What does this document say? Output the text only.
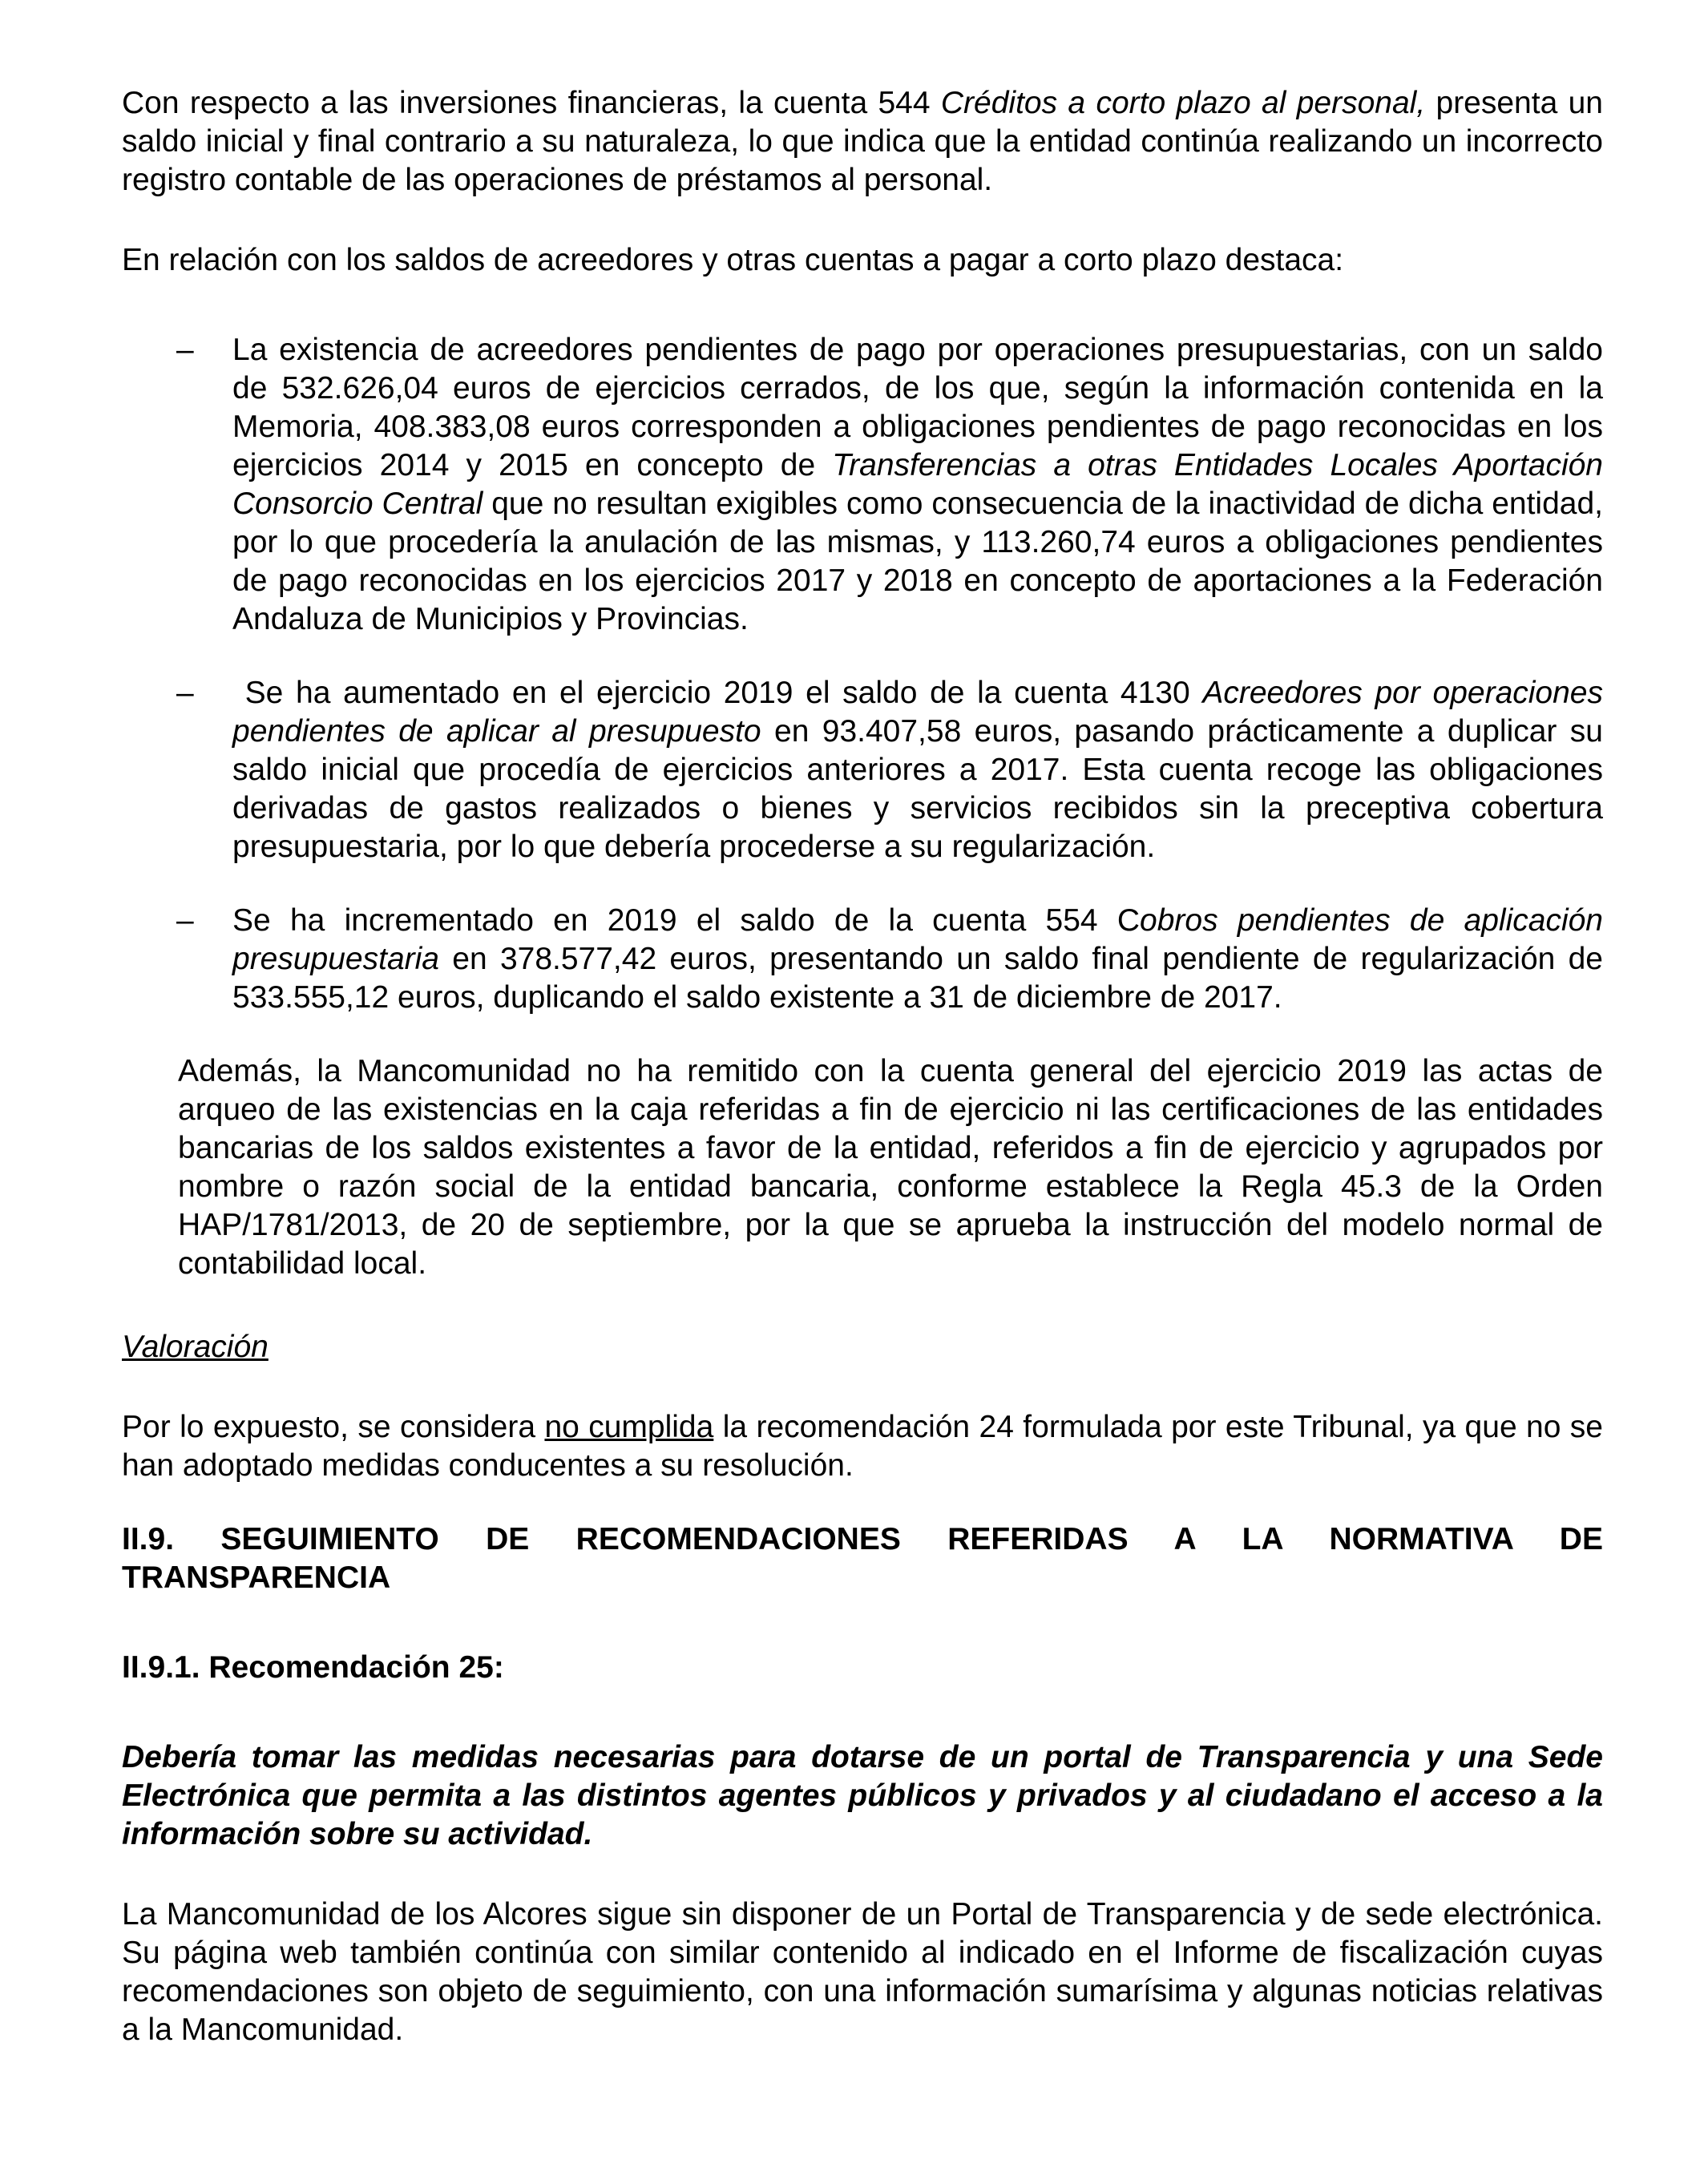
Con respecto a las inversiones financieras, la cuenta 544 Créditos a corto plazo al personal, presenta un saldo inicial y final contrario a su naturaleza, lo que indica que la entidad continúa realizando un incorrecto registro contable de las operaciones de préstamos al personal.

En relación con los saldos de acreedores y otras cuentas a pagar a corto plazo destaca:

– La existencia de acreedores pendientes de pago por operaciones presupuestarias, con un saldo de 532.626,04 euros de ejercicios cerrados, de los que, según la información contenida en la Memoria, 408.383,08 euros corresponden a obligaciones pendientes de pago reconocidas en los ejercicios 2014 y 2015 en concepto de Transferencias a otras Entidades Locales Aportación Consorcio Central que no resultan exigibles como consecuencia de la inactividad de dicha entidad, por lo que procedería la anulación de las mismas, y 113.260,74 euros a obligaciones pendientes de pago reconocidas en los ejercicios 2017 y 2018 en concepto de aportaciones a la Federación Andaluza de Municipios y Provincias.
– Se ha aumentado en el ejercicio 2019 el saldo de la cuenta 4130 Acreedores por operaciones pendientes de aplicar al presupuesto en 93.407,58 euros, pasando prácticamente a duplicar su saldo inicial que procedía de ejercicios anteriores a 2017. Esta cuenta recoge las obligaciones derivadas de gastos realizados o bienes y servicios recibidos sin la preceptiva cobertura presupuestaria, por lo que debería procederse a su regularización.
– Se ha incrementado en 2019 el saldo de la cuenta 554 Cobros pendientes de aplicación presupuestaria en 378.577,42 euros, presentando un saldo final pendiente de regularización de 533.555,12 euros, duplicando el saldo existente a 31 de diciembre de 2017.

Además, la Mancomunidad no ha remitido con la cuenta general del ejercicio 2019 las actas de arqueo de las existencias en la caja referidas a fin de ejercicio ni las certificaciones de las entidades bancarias de los saldos existentes a favor de la entidad, referidos a fin de ejercicio y agrupados por nombre o razón social de la entidad bancaria, conforme establece la Regla 45.3 de la Orden HAP/1781/2013, de 20 de septiembre, por la que se aprueba la instrucción del modelo normal de contabilidad local.

Valoración

Por lo expuesto, se considera no cumplida la recomendación 24 formulada por este Tribunal, ya que no se han adoptado medidas conducentes a su resolución.

II.9. SEGUIMIENTO DE RECOMENDACIONES REFERIDAS A LA NORMATIVA DE
TRANSPARENCIA
II.9.1. Recomendación 25:

Debería tomar las medidas necesarias para dotarse de un portal de Transparencia y una Sede Electrónica que permita a las distintos agentes públicos y privados y al ciudadano el acceso a la información sobre su actividad.

La Mancomunidad de los Alcores sigue sin disponer de un Portal de Transparencia y de sede electrónica. Su página web también continúa con similar contenido al indicado en el Informe de fiscalización cuyas recomendaciones son objeto de seguimiento, con una información sumarísima y algunas noticias relativas a la Mancomunidad.
